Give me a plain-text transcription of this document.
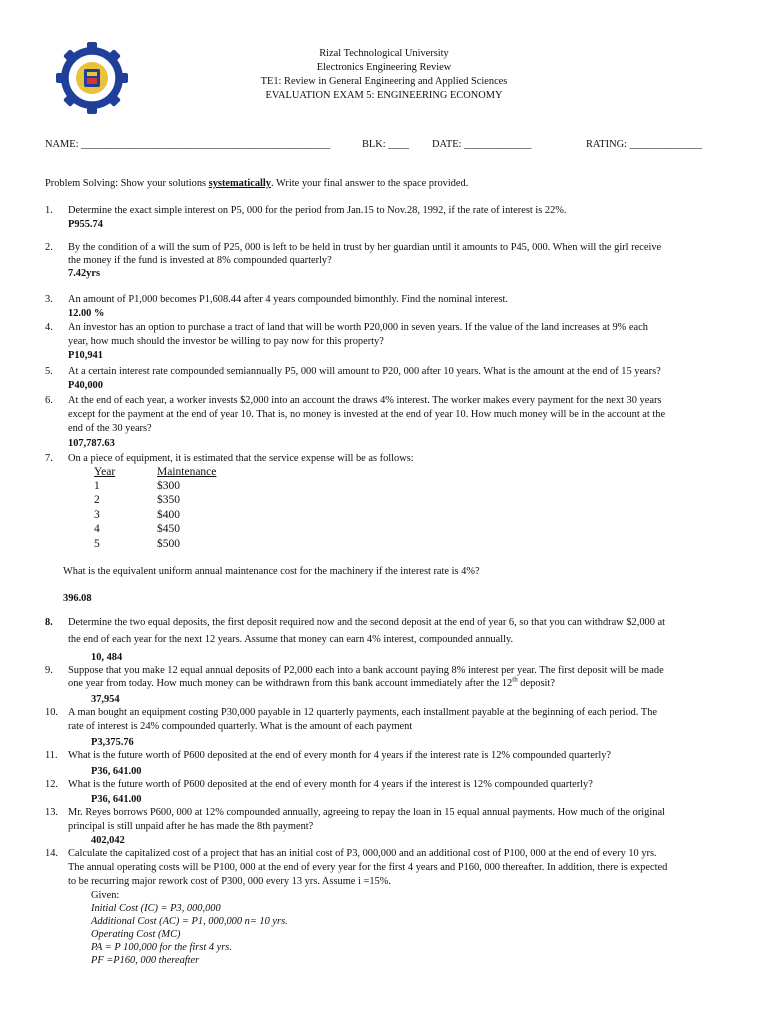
Rizal Technological University
Electronics Engineering Review
TE1: Review in General Engineering and Applied Sciences
EVALUATION EXAM 5: ENGINEERING ECONOMY
NAME: ________________________________________________	BLK: ____ DATE: _____________	RATING: ______________
Problem Solving: Show your solutions systematically. Write your final answer to the space provided.
1. Determine the exact simple interest on P5, 000 for the period from Jan.15 to Nov.28, 1992, if the rate of interest is 22%.
P955.74
2. By the condition of a will the sum of P25, 000 is left to be held in trust by her guardian until it amounts to P45, 000. When will the girl receive
the money if the fund is invested at 8% compounded quarterly?
7.42yrs
3. An amount of P1,000 becomes P1,608.44 after 4 years compounded bimonthly. Find the nominal interest.
12.00 %
4. An investor has an option to purchase a tract of land that will be worth P20,000 in seven years. If the value of the land increases at 9% each
year, how much should the investor be willing to pay now for this property?
P10,941
5. At a certain interest rate compounded semiannually P5, 000 will amount to P20, 000 after 10 years. What is the amount at the end of 15 years?
P40,000
6. At the end of each year, a worker invests $2,000 into an account the draws 4% interest. The worker makes every payment for the next 30 years
except for the payment at the end of year 10. That is, no money is invested at the end of year 10. How much money will be in the account at the
end of the 30 years?
107,787.63
7. On a piece of equipment, it is estimated that the service expense will be as follows:
Year	Maintenance
1	$300
2	$350
3	$400
4	$450
5	$500
What is the equivalent uniform annual maintenance cost for the machinery if the interest rate is 4%?
396.08
8. Determine the two equal deposits, the first deposit required now and the second deposit at the end of year 6, so that you can withdraw $2,000 at
the end of each year for the next 12 years. Assume that money can earn 4% interest, compounded annually.
10, 484
9. Suppose that you make 12 equal annual deposits of P2,000 each into a bank account paying 8% interest per year. The first deposit will be made
one year from today. How much money can be withdrawn from this bank account immediately after the 12th deposit?
37,954
10. A man bought an equipment costing P30,000 payable in 12 quarterly payments, each installment payable at the beginning of each period. The
rate of interest is 24% compounded quarterly. What is the amount of each payment
P3,375.76
11. What is the future worth of P600 deposited at the end of every month for 4 years if the interest rate is 12% compounded quarterly?
P36, 641.00
12. What is the future worth of P600 deposited at the end of every month for 4 years if the interest is 12% compounded quarterly?
P36, 641.00
13. Mr. Reyes borrows P600, 000 at 12% compounded annually, agreeing to repay the loan in 15 equal annual payments. How much of the original
principal is still unpaid after he has made the 8th payment?
402,042
14. Calculate the capitalized cost of a project that has an initial cost of P3, 000,000 and an additional cost of P100, 000 at the end of every 10 yrs.
The annual operating costs will be P100, 000 at the end of every year for the first 4 years and P160, 000 thereafter. In addition, there is expected
to be recurring major rework cost of P300, 000 every 13 yrs. Assume i =15%.
Given:
Initial Cost (IC) = P3, 000,000
Additional Cost (AC) = P1, 000,000 n= 10 yrs.
Operating Cost (MC)
PA = P 100,000 for the first 4 yrs.
PF =P160, 000 thereafter
